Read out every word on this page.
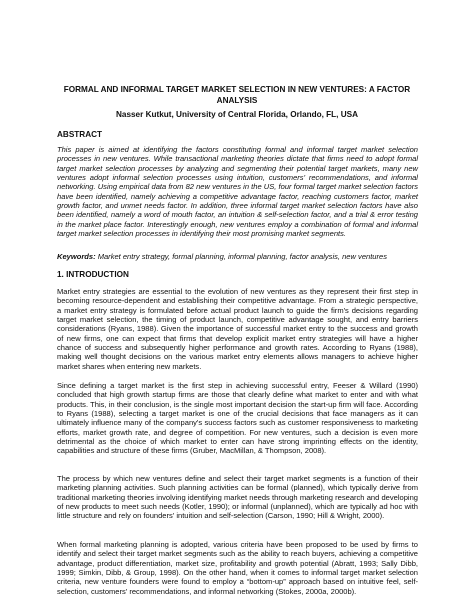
FORMAL AND INFORMAL TARGET MARKET SELECTION IN NEW VENTURES: A FACTOR ANALYSIS
Nasser Kutkut, University of Central Florida, Orlando, FL, USA
ABSTRACT
This paper is aimed at identifying the factors constituting formal and informal target market selection processes in new ventures. While transactional marketing theories dictate that firms need to adopt formal target market selection processes by analyzing and segmenting their potential target markets, many new ventures adopt informal selection processes using intuition, customers' recommendations, and informal networking. Using empirical data from 82 new ventures in the US, four formal target market selection factors have been identified, namely achieving a competitive advantage factor, reaching customers factor, market growth factor, and unmet needs factor. In addition, three informal target market selection factors have also been identified, namely a word of mouth factor, an intuition & self-selection factor, and a trial & error testing in the market place factor. Interestingly enough, new ventures employ a combination of formal and informal target market selection processes in identifying their most promising market segments.
Keywords: Market entry strategy, formal planning, informal planning, factor analysis, new ventures
1. INTRODUCTION
Market entry strategies are essential to the evolution of new ventures as they represent their first step in becoming resource-dependent and establishing their competitive advantage. From a strategic perspective, a market entry strategy is formulated before actual product launch to guide the firm's decisions regarding target market selection, the timing of product launch, competitive advantage sought, and entry barriers considerations (Ryans, 1988). Given the importance of successful market entry to the success and growth of new firms, one can expect that firms that develop explicit market entry strategies will have a higher chance of success and subsequently higher performance and growth rates. According to Ryans (1988), making well thought decisions on the various market entry elements allows managers to achieve higher market shares when entering new markets.
Since defining a target market is the first step in achieving successful entry, Feeser & Willard (1990) concluded that high growth startup firms are those that clearly define what market to enter and with what products. This, in their conclusion, is the single most important decision the start-up firm will face. According to Ryans (1988), selecting a target market is one of the crucial decisions that face managers as it can ultimately influence many of the company's success factors such as customer responsiveness to marketing efforts, market growth rate, and degree of competition. For new ventures, such a decision is even more detrimental as the choice of which market to enter can have strong imprinting effects on the identity, capabilities and structure of these firms (Gruber, MacMillan, & Thompson, 2008).
The process by which new ventures define and select their target market segments is a function of their marketing planning activities. Such planning activities can be formal (planned), which typically derive from traditional marketing theories involving identifying market needs through marketing research and developing of new products to meet such needs (Kotler, 1990); or informal (unplanned), which are typically ad hoc with little structure and rely on founders' intuition and self-selection (Carson, 1990; Hill & Wright, 2000).
When formal marketing planning is adopted, various criteria have been proposed to be used by firms to identify and select their target market segments such as the ability to reach buyers, achieving a competitive advantage, product differentiation, market size, profitability and growth potential (Abratt, 1993; Sally Dibb, 1999; Simkin, Dibb, & Group, 1998). On the other hand, when it comes to informal target market selection criteria, new venture founders were found to employ a “bottom-up” approach based on intuitive feel, self-selection, customers' recommendations, and informal networking (Stokes, 2000a, 2000b).
